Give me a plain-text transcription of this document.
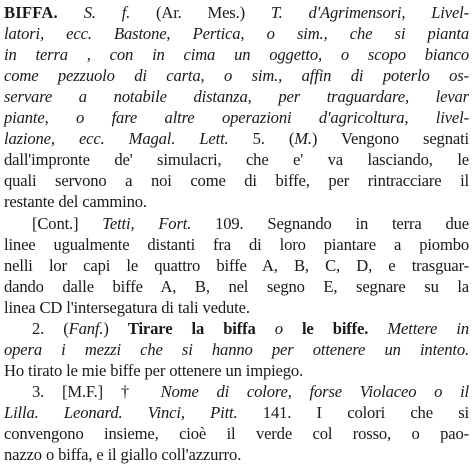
BIFFA. S. f. (Ar. Mes.) T. d'Agrimensori, Livel-
latori, ecc. Bastone, Pertica, o sim., che si pianta
in terra , con in cima un oggetto, o scopo bianco
come pezzuolo di carta, o sim., affin di poterlo os-
servare a notabile distanza, per traguardare, levar
piante, o fare altre operazioni d'agricoltura, livel-
lazione, ecc. Magal. Lett. 5. (M.) Vengono segnati
dall'impronte de' simulacri, che e' va lasciando, le
quali servono a noi come di biffe, per rintracciare il
restante del cammino.
[Cont.] Tetti, Fort. 109. Segnando in terra due
linee ugualmente distanti fra di loro piantare a piombo
nelli lor capi le quattro biffe A, B, C, D, e trasguar-
dando dalle biffe A, B, nel segno E, segnare su la
linea CD l'intersegatura di tali vedute.
2. (Fanf.) Tirare la biffa o le biffe. Mettere in
opera i mezzi che si hanno per ottenere un intento.
Ho tirato le mie biffe per ottenere un impiego.
3. [M.F.] † Nome di colore, forse Violaceo o il
Lilla. Leonard. Vinci, Pitt. 141. I colori che si
convengono insieme, cioè il verde col rosso, o pao-
nazzo o biffa, e il giallo coll'azzurro.
